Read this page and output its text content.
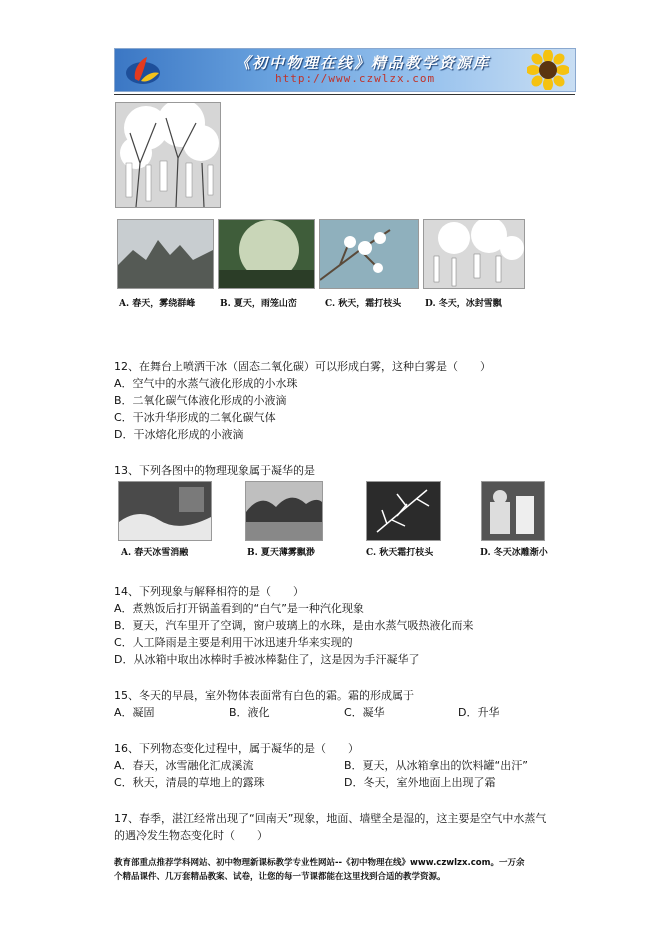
《初中物理在线》精品教学资源库
http://www.czwlzx.com
A. 春天，雾绕群峰	B. 夏天，雨笼山峦	C. 秋天，霜打枝头	D. 冬天，冰封雪飘
12、在舞台上喷洒干冰（固态二氧化碳）可以形成白雾，这种白雾是（　　）
A．空气中的水蒸气液化形成的小水珠
B．二氧化碳气体液化形成的小液滴
C．干冰升华形成的二氧化碳气体
D．干冰熔化形成的小液滴
13、下列各图中的物理现象属于凝华的是
A. 春天冰雪消融	B. 夏天薄雾飘渺	C. 秋天霜打枝头	D. 冬天冰雕渐小
14、下列现象与解释相符的是（　　）
A．煮熟饭后打开锅盖看到的“白气”是一种汽化现象
B．夏天，汽车里开了空调，窗户玻璃上的水珠，是由水蒸气吸热液化而来
C．人工降雨是主要是利用干冰迅速升华来实现的
D．从冰箱中取出冰棒时手被冰棒黏住了，这是因为手汗凝华了
15、冬天的早晨，室外物体表面常有白色的霜。霜的形成属于
A．凝固	B．液化	C．凝华	D．升华
16、下列物态变化过程中，属于凝华的是（　　）
A．春天，冰雪融化汇成溪流	B．夏天，从冰箱拿出的饮料罐“出汗”
C．秋天，清晨的草地上的露珠	D．冬天，室外地面上出现了霜
17、春季，湛江经常出现了“回南天”现象，地面、墙壁全是湿的，这主要是空气中水蒸气
的遇冷发生物态变化时（　　）
教育部重点推荐学科网站、初中物理新课标教学专业性网站--《初中物理在线》www.czwlzx.com。一万余
个精品课件、几万套精品教案、试卷，让您的每一节课都能在这里找到合适的教学资源。
